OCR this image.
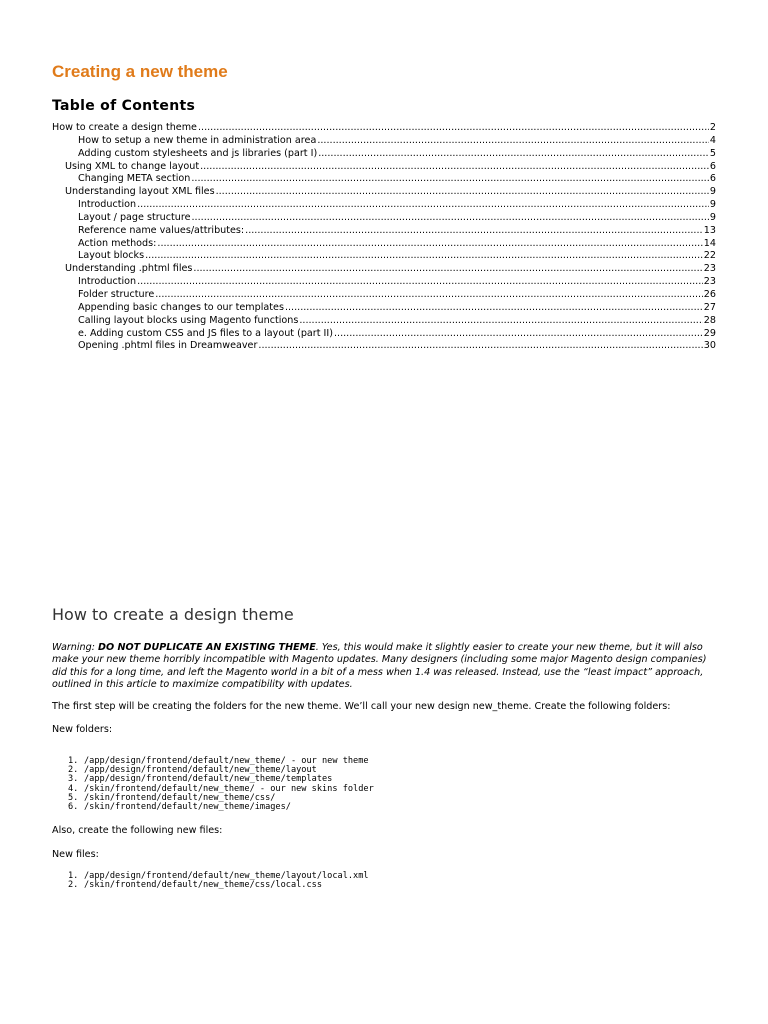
Creating a new theme
Table of Contents
How to create a design theme .....	2
How to setup a new theme in administration area .....	4
Adding custom stylesheets and js libraries (part I) .....	5
Using XML to change layout .....	6
Changing META section .....	6
Understanding layout XML files .....	9
Introduction .....	9
Layout / page structure .....	9
Reference name values/attributes: .....	13
Action methods: .....	14
Layout blocks .....	22
Understanding .phtml files .....	23
Introduction .....	23
Folder structure .....	26
Appending basic changes to our templates .....	27
Calling layout blocks using Magento functions .....	28
e. Adding custom CSS and JS files to a layout (part II) .....	29
Opening .phtml files in Dreamweaver .....	30
How to create a design theme

Warning: DO NOT DUPLICATE AN EXISTING THEME. Yes, this would make it slightly easier to create your new theme, but it will also make your new theme horribly incompatible with Magento updates. Many designers (including some major Magento design companies) did this for a long time, and left the Magento world in a bit of a mess when 1.4 was released. Instead, use the “least impact” approach, outlined in this article to maximize compatibility with updates.

The first step will be creating the folders for the new theme. We’ll call your new design new_theme. Create the following folders:

New folders:

1. /app/design/frontend/default/new_theme/ - our new theme
2. /app/design/frontend/default/new_theme/layout
3. /app/design/frontend/default/new_theme/templates
4. /skin/frontend/default/new_theme/ - our new skins folder
5. /skin/frontend/default/new_theme/css/
6. /skin/frontend/default/new_theme/images/

Also, create the following new files:

New files:

1. /app/design/frontend/default/new_theme/layout/local.xml
2. /skin/frontend/default/new_theme/css/local.css
